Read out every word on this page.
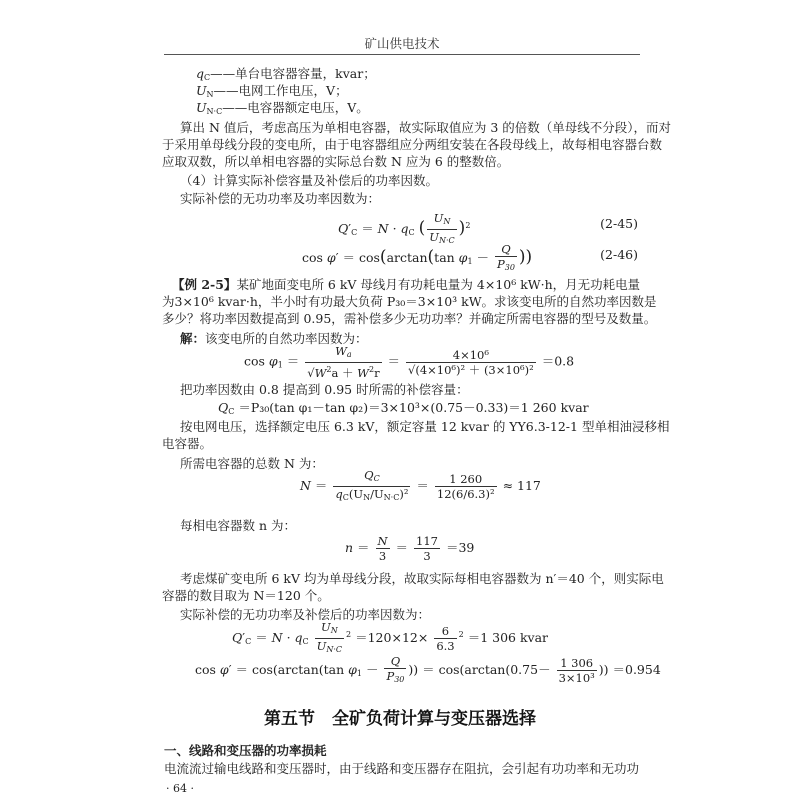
矿山供电技术
qC——单台电容器容量，kvar；
UN——电网工作电压，V；
UN·C——电容器额定电压，V。
算出 N 值后，考虑高压为单相电容器，故实际取值应为 3 的倍数（单母线不分段），而对
于采用单母线分段的变电所，由于电容器组应分两组安装在各段母线上，故每相电容器台数
应取双数，所以单相电容器的实际总台数 N 应为 6 的整数倍。
（4）计算实际补偿容量及补偿后的功率因数。
实际补偿的无功功率及功率因数为：
Q′C ＝ N · qC ( $\frac{UN}{UN\cdot C} )^2$	(2-45)
cos φ′ ＝ cos(arctan(tan $\varphi 1 - \frac{Q}{P30}$ ))	(2-46)
【例 2-5】某矿地面变电所 6 kV 母线月有功耗电量为 4×10⁶ kW·h，月无功耗电量
为3×10⁶ kvar·h，半小时有功最大负荷 P₃₀＝3×10³ kW。求该变电所的自然功率因数是
多少？将功率因数提高到 0.95，需补偿多少无功功率？并确定所需电容器的型号及数量。
解：该变电所的自然功率因数为：
$\cos \varphi 1 = \frac{Wa}{√W^2a + W^2r} = \frac{\text{4×10⁶}}{\text{√(4×10⁶)² ＋ (3×10⁶)²}} =0.8$
把功率因数由 0.8 提高到 0.95 时所需的补偿容量：
QC ＝P₃₀(tan φ₁－tan φ₂)＝3×10³×(0.75－0.33)＝1 260 kvar
按电网电压，选择额定电压 6.3 kV，额定容量 12 kvar 的 YY6.3-12-1 型单相油浸移相
电容器。
所需电容器的总数 N 为：
$N = \frac{QC}{\text{qC(UN/UN·C)²}} = \frac{1 260}{\text{12(6/6.3)²}} \approx 117$
每相电容器数 n 为：
$n = \frac{N}{3} = \frac{117}{3} =39$
考虑煤矿变电所 6 kV 均为单母线分段，故取实际每相电容器数为 n′＝40 个，则实际电
容器的数目取为 N＝120 个。
实际补偿的无功功率及补偿后的功率因数为：
Q′C ＝ N · qC $\frac{UN}{UN\cdot C} ^2 =120\times 12\times \frac{6}{6.3} ^2 =1$ 306 kvar
cos φ′ ＝ cos(arctan(tan $\varphi 1 - \frac{Q}{P30}$ )) ＝ $\cos(\arctan(0.75- \frac{1 306}{\text{3×10³}}$ )) ＝0.954
第五节　全矿负荷计算与变压器选择
一、线路和变压器的功率损耗
电流流过输电线路和变压器时，由于线路和变压器存在阻抗，会引起有功功率和无功功
· 64 ·
